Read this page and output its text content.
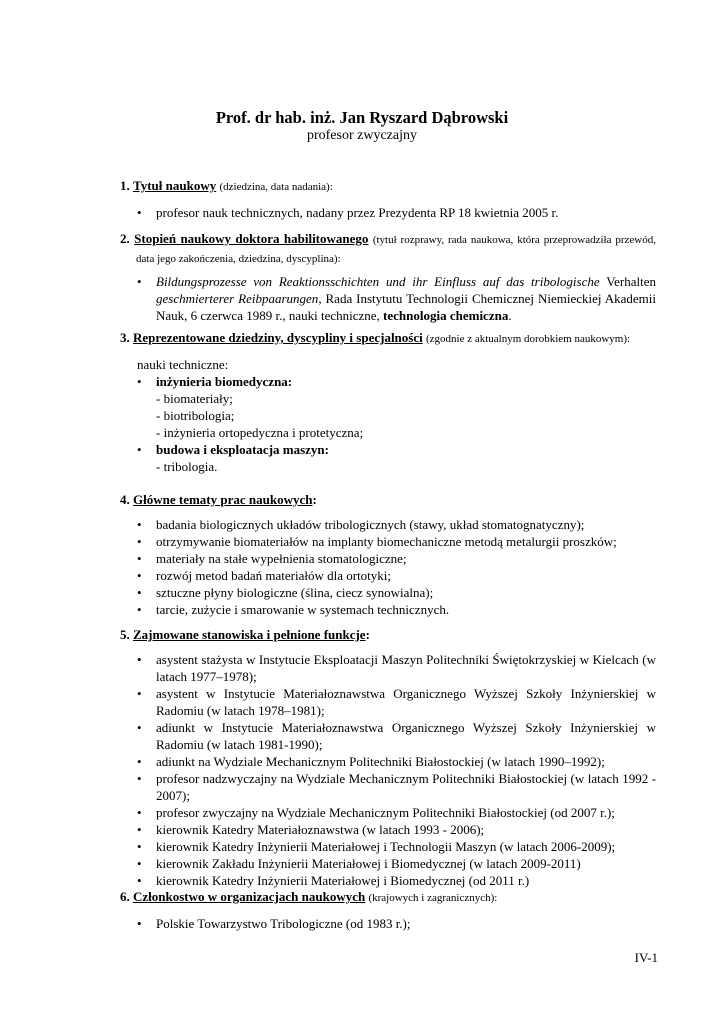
Prof. dr hab. inż. Jan Ryszard Dąbrowski
profesor zwyczajny
1. Tytuł naukowy (dziedzina, data nadania):
• profesor nauk technicznych, nadany przez Prezydenta RP 18 kwietnia 2005 r.
2. Stopień naukowy doktora habilitowanego (tytuł rozprawy, rada naukowa, która przeprowadziła przewód, data jego zakończenia, dziedzina, dyscyplina):
• Bildungsprozesse von Reaktionsschichten und ihr Einfluss auf das tribologische Verhalten geschmierterer Reibpaarungen, Rada Instytutu Technologii Chemicznej Niemieckiej Akademii Nauk, 6 czerwca 1989 r., nauki techniczne, technologia chemiczna.
3. Reprezentowane dziedziny, dyscypliny i specjalności (zgodnie z aktualnym dorobkiem naukowym):
nauki techniczne:
• inżynieria biomedyczna:
- biomateriały;
- biotribologia;
- inżynieria ortopedyczna i protetyczna;
• budowa i eksploatacja maszyn:
- tribologia.
4. Główne tematy prac naukowych:
• badania biologicznych układów tribologicznych (stawy, układ stomatognatyczny);
• otrzymywanie biomateriałów na implanty biomechaniczne metodą metalurgii proszków;
• materiały na stałe wypełnienia stomatologiczne;
• rozwój metod badań materiałów dla ortotyki;
• sztuczne płyny biologiczne (ślina, ciecz synowialna);
• tarcie, zużycie i smarowanie w systemach technicznych.
5. Zajmowane stanowiska i pełnione funkcje:
• asystent stażysta w Instytucie Eksploatacji Maszyn Politechniki Świętokrzyskiej w Kielcach (w latach 1977–1978);
• asystent w Instytucie Materiałoznawstwa Organicznego Wyższej Szkoły Inżynierskiej w Radomiu (w latach 1978–1981);
• adiunkt w Instytucie Materiałoznawstwa Organicznego Wyższej Szkoły Inżynierskiej w Radomiu (w latach 1981-1990);
• adiunkt na Wydziale Mechanicznym Politechniki Białostockiej (w latach 1990–1992);
• profesor nadzwyczajny na Wydziale Mechanicznym Politechniki Białostockiej (w latach 1992 - 2007);
• profesor zwyczajny na Wydziale Mechanicznym Politechniki Białostockiej (od 2007 r.);
• kierownik Katedry Materiałoznawstwa (w latach 1993 - 2006);
• kierownik Katedry Inżynierii Materiałowej i Technologii Maszyn (w latach 2006-2009);
• kierownik Zakładu Inżynierii Materiałowej i Biomedycznej (w latach 2009-2011)
• kierownik Katedry Inżynierii Materiałowej i Biomedycznej (od 2011 r.)
6. Członkostwo w organizacjach naukowych (krajowych i zagranicznych):
• Polskie Towarzystwo Tribologiczne (od 1983 r.);
IV-1
